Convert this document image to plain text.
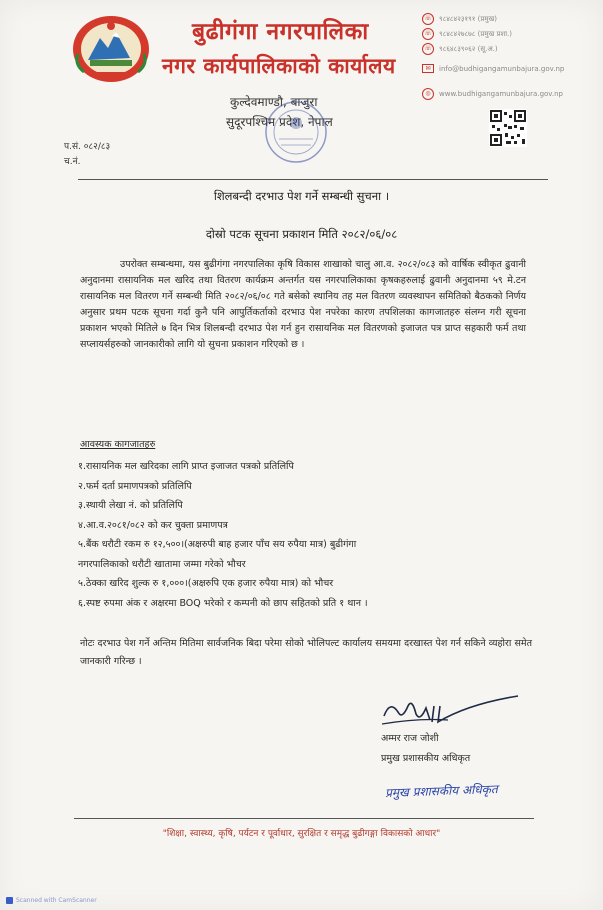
बुढीगंगा नगरपालिका
नगर कार्यपालिकाको कार्यालय
कुल्देवमाण्डौ, बाजुरा
सुदूरपश्चिम प्रदेश, नेपाल
☏	९८४८४२३१९१ (प्रमुख)
☏	९८४८४२७८७८ (प्रमुख प्रशा.)
☏	९८६४८३९०६२ (सू.अ.)
✉	info@budhigangamunbajura.gov.np
◎	www.budhigangamunbajura.gov.np
प.सं. ०८२/८३
च.नं.
शिलबन्दी दरभाउ पेश गर्ने सम्बन्धी सुचना ।
दोस्रो पटक सूचना प्रकाशन मिति २०८२/०६/०८

उपरोक्त सम्बन्धमा, यस बुढीगंगा नगरपालिका कृषि विकास शाखाको चालु आ.व. २०८२/०८३ को वार्षिक स्वीकृत ढुवानी अनुदानमा रासायनिक मल खरिद तथा वितरण कार्यक्रम अन्तर्गत यस नगरपालिकाका कृषकहरुलाई ढुवानी अनुदानमा ५९ मे.टन रासायनिक मल वितरण गर्ने सम्बन्धी मिति २०८२/०६/०८ गते बसेको स्थानिय तह मल वितरण व्यवस्थापन समितिको बैठकको निर्णय अनुसार प्रथम पटक सूचना गर्दा कुनै पनि आपुर्तिकर्ताको दरभाउ पेश नपरेका कारण तपशिलका कागजातहरु संलग्न गरी सूचना प्रकाशन भएको मितिले ७ दिन भित्र शिलबन्दी दरभाउ पेश गर्न हुन रासायनिक मल वितरणको इजाजत पत्र प्राप्त सहकारी फर्म तथा सप्लायर्सहरुको जानकारीको लागि यो सुचना प्रकाशन गरिएको छ ।

आवस्यक कागजातहरु
१.रासायनिक मल खरिदका लागि प्राप्त इजाजत पत्रको प्रतिलिपि
२.फर्म दर्ता प्रमाणपत्रको प्रतिलिपि
३.स्थायी लेखा नं. को प्रतिलिपि
४.आ.व.२०८१/०८२ को कर चुक्ता प्रमाणपत्र
५.बैंक धरौटी रकम रु १२,५००।(अक्षरुपी बाह हजार पाँच सय रुपैया मात्र) बुढीगंगा
नगरपालिकाको धरौटी खातामा जम्मा गरेको भौचर
५.ठेक्का खरिद शुल्क रु १,०००।(अक्षरुपि एक हजार रुपैया मात्र) को भौचर
६.स्पष्ट रुपमा अंक र अक्षरमा BOQ भरेको र कम्पनी को छाप सहितको प्रति १ थान ।
नोटः दरभाउ पेश गर्ने अन्तिम मितिमा सार्वजनिक बिदा परेमा सोको भोलिपल्ट कार्यालय समयमा दरखास्त पेश गर्न सकिने व्यहोरा समेत जानकारी गरिन्छ ।
अम्मर राज जोशी
प्रमुख प्रशासकीय अधिकृत
प्रमुख प्रशासकीय अधिकृत
"शिक्षा, स्वास्थ्य, कृषि, पर्यटन र पूर्वाधार, सुरक्षित र समृद्ध बुढीगङ्गा विकासको आधार"
Scanned with CamScanner
